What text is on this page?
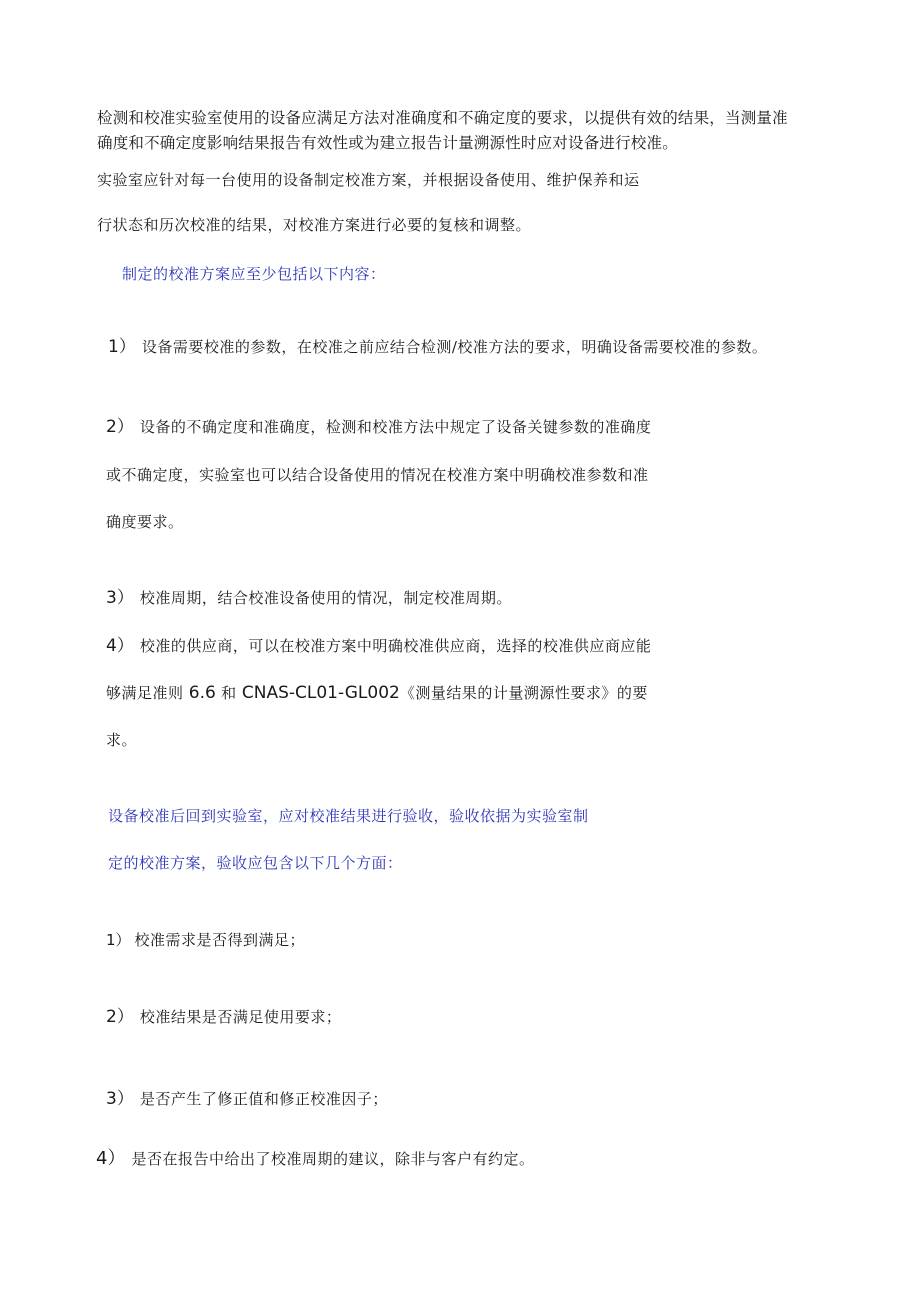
检测和校准实验室使用的设备应满足方法对准确度和不确定度的要求，以提供有效的结果，当测量准
确度和不确定度影响结果报告有效性或为建立报告计量溯源性时应对设备进行校准。
实验室应针对每一台使用的设备制定校准方案，并根据设备使用、维护保养和运
行状态和历次校准的结果，对校准方案进行必要的复核和调整。
制定的校准方案应至少包括以下内容：
1） 设备需要校准的参数，在校准之前应结合检测/校准方法的要求，明确设备需要校准的参数。
2） 设备的不确定度和准确度，检测和校准方法中规定了设备关键参数的准确度
或不确定度，实验室也可以结合设备使用的情况在校准方案中明确校准参数和准
确度要求。
3） 校准周期，结合校准设备使用的情况，制定校准周期。
4） 校准的供应商，可以在校准方案中明确校准供应商，选择的校准供应商应能
够满足准则 6.6 和 CNAS-CL01-GL002《测量结果的计量溯源性要求》的要
求。
设备校准后回到实验室，应对校准结果进行验收，验收依据为实验室制
定的校准方案，验收应包含以下几个方面：
1） 校准需求是否得到满足；
2） 校准结果是否满足使用要求；
3） 是否产生了修正值和修正校准因子；
4） 是否在报告中给出了校准周期的建议，除非与客户有约定。
